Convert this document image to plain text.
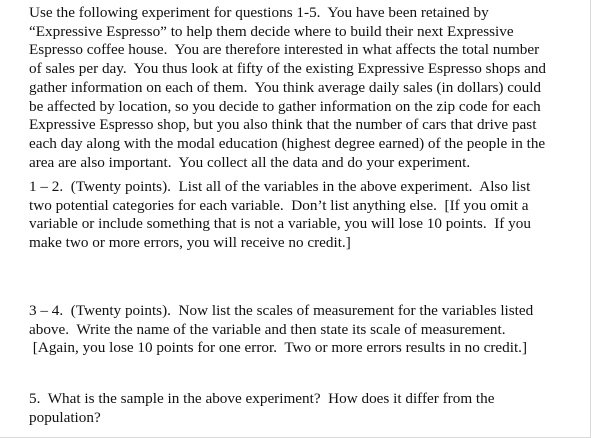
Use the following experiment for questions 1-5.  You have been retained by
“Expressive Espresso” to help them decide where to build their next Expressive
Espresso coffee house.  You are therefore interested in what affects the total number
of sales per day.  You thus look at fifty of the existing Expressive Espresso shops and
gather information on each of them.  You think average daily sales (in dollars) could
be affected by location, so you decide to gather information on the zip code for each
Expressive Espresso shop, but you also think that the number of cars that drive past
each day along with the modal education (highest degree earned) of the people in the
area are also important.  You collect all the data and do your experiment.

1 – 2.  (Twenty points).  List all of the variables in the above experiment.  Also list
two potential categories for each variable.  Don’t list anything else.  [If you omit a
variable or include something that is not a variable, you will lose 10 points.  If you
make two or more errors, you will receive no credit.]

3 – 4.  (Twenty points).  Now list the scales of measurement for the variables listed
above.  Write the name of the variable and then state its scale of measurement.
[Again, you lose 10 points for one error.  Two or more errors results in no credit.]

5.  What is the sample in the above experiment?  How does it differ from the
population?
